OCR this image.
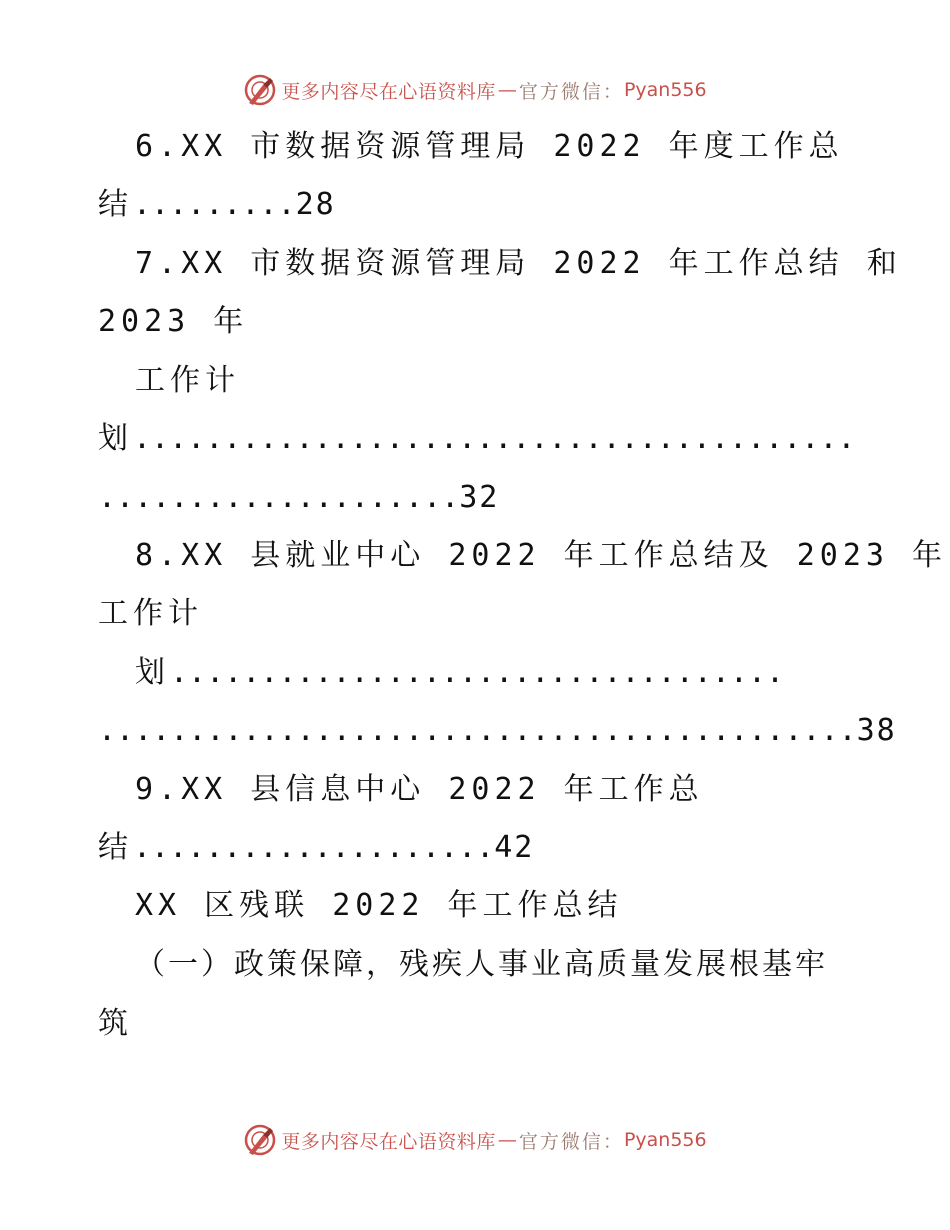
更多内容尽在心语资料库 — 官方微信： Pyan556
6.XX 市数据资源管理局 2022 年度工作总
结.........28
7.XX 市数据资源管理局 2022 年工作总结 和
2023 年
工作计
划........................................
....................32
8.XX 县就业中心 2022 年工作总结及 2023 年
工作计
划..................................
..........................................38
9.XX 县信息中心 2022 年工作总
结....................42
XX 区残联 2022 年工作总结
（一）政策保障，残疾人事业高质量发展根基牢
筑
更多内容尽在心语资料库 — 官方微信： Pyan556
